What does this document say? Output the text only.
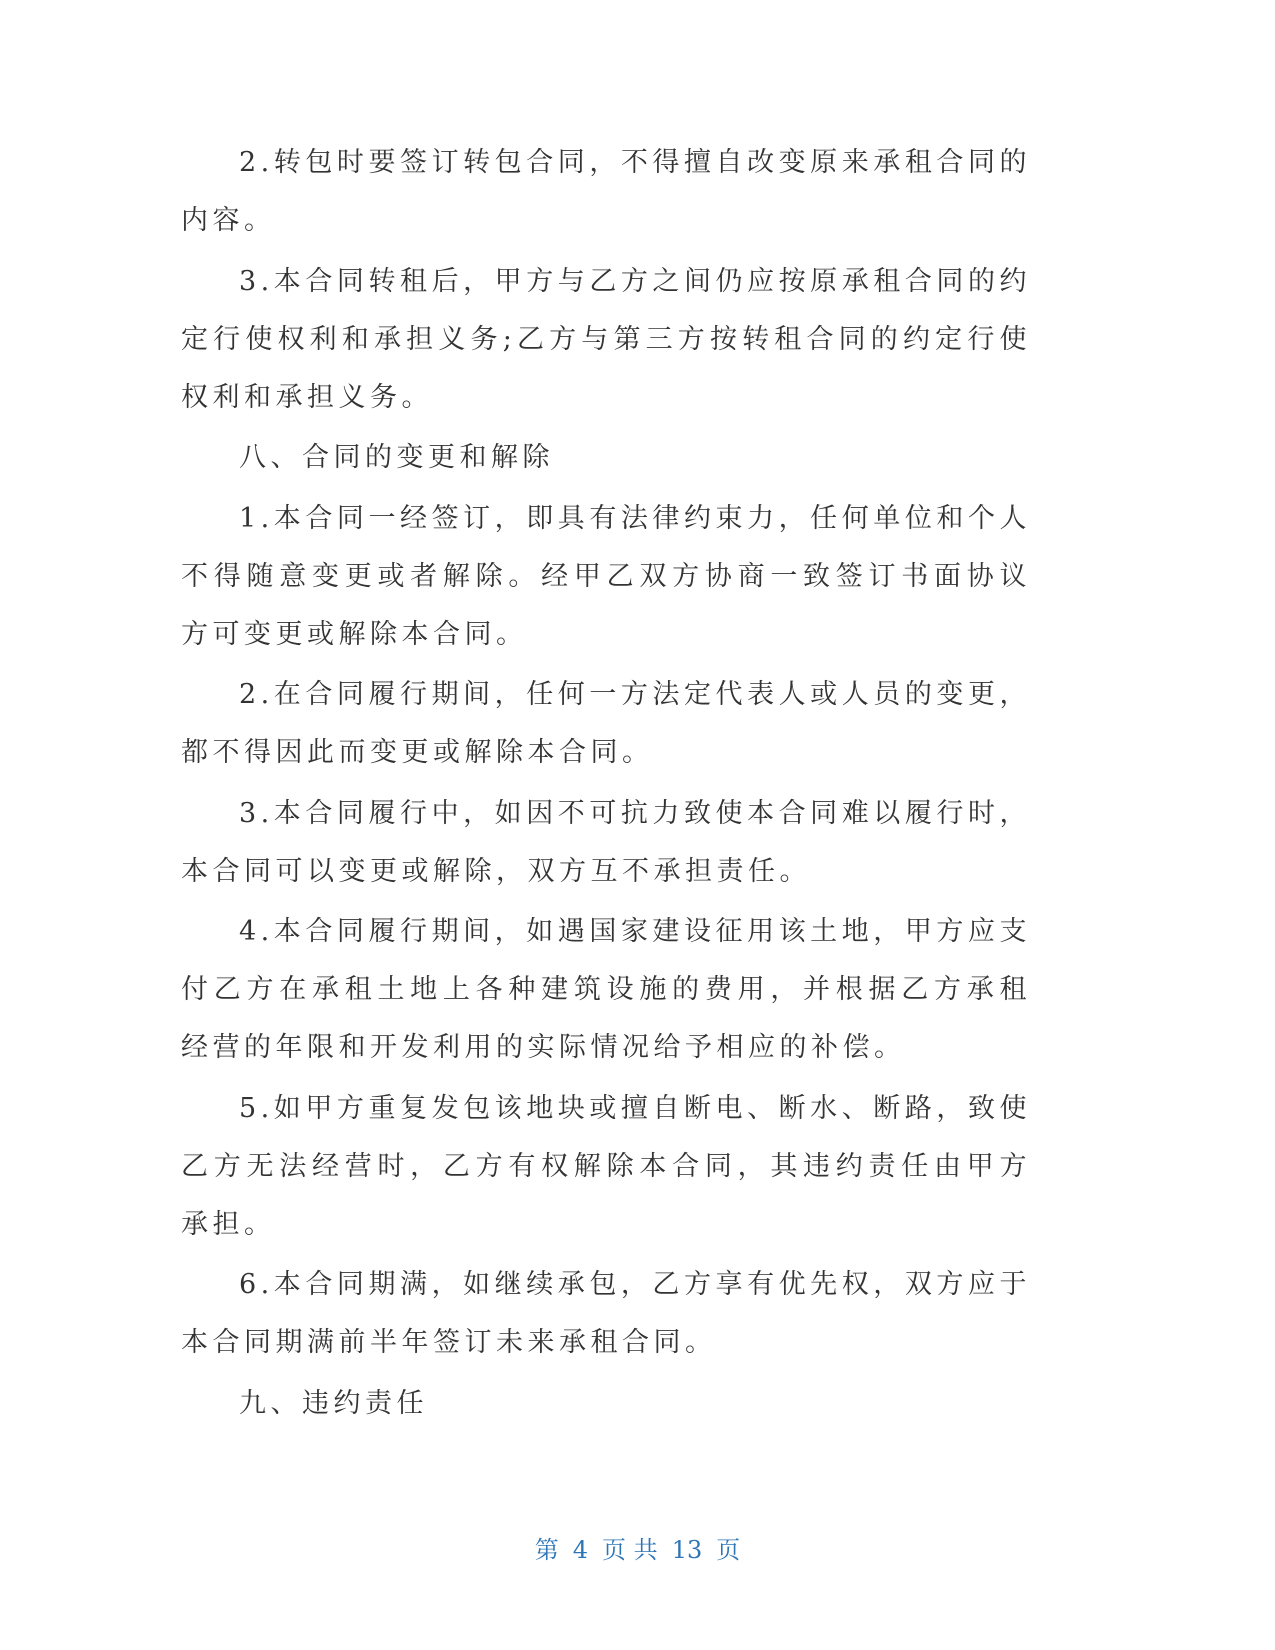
2.转包时要签订转包合同，不得擅自改变原来承租合同的内容。

3.本合同转租后，甲方与乙方之间仍应按原承租合同的约定行使权利和承担义务;乙方与第三方按转租合同的约定行使权利和承担义务。

八、合同的变更和解除

1.本合同一经签订，即具有法律约束力，任何单位和个人不得随意变更或者解除。经甲乙双方协商一致签订书面协议方可变更或解除本合同。

2.在合同履行期间，任何一方法定代表人或人员的变更，都不得因此而变更或解除本合同。

3.本合同履行中，如因不可抗力致使本合同难以履行时，本合同可以变更或解除，双方互不承担责任。

4.本合同履行期间，如遇国家建设征用该土地，甲方应支付乙方在承租土地上各种建筑设施的费用，并根据乙方承租经营的年限和开发利用的实际情况给予相应的补偿。

5.如甲方重复发包该地块或擅自断电、断水、断路，致使乙方无法经营时，乙方有权解除本合同，其违约责任由甲方承担。

6.本合同期满，如继续承包，乙方享有优先权，双方应于本合同期满前半年签订未来承租合同。

九、违约责任

第 4 页 共 13 页
